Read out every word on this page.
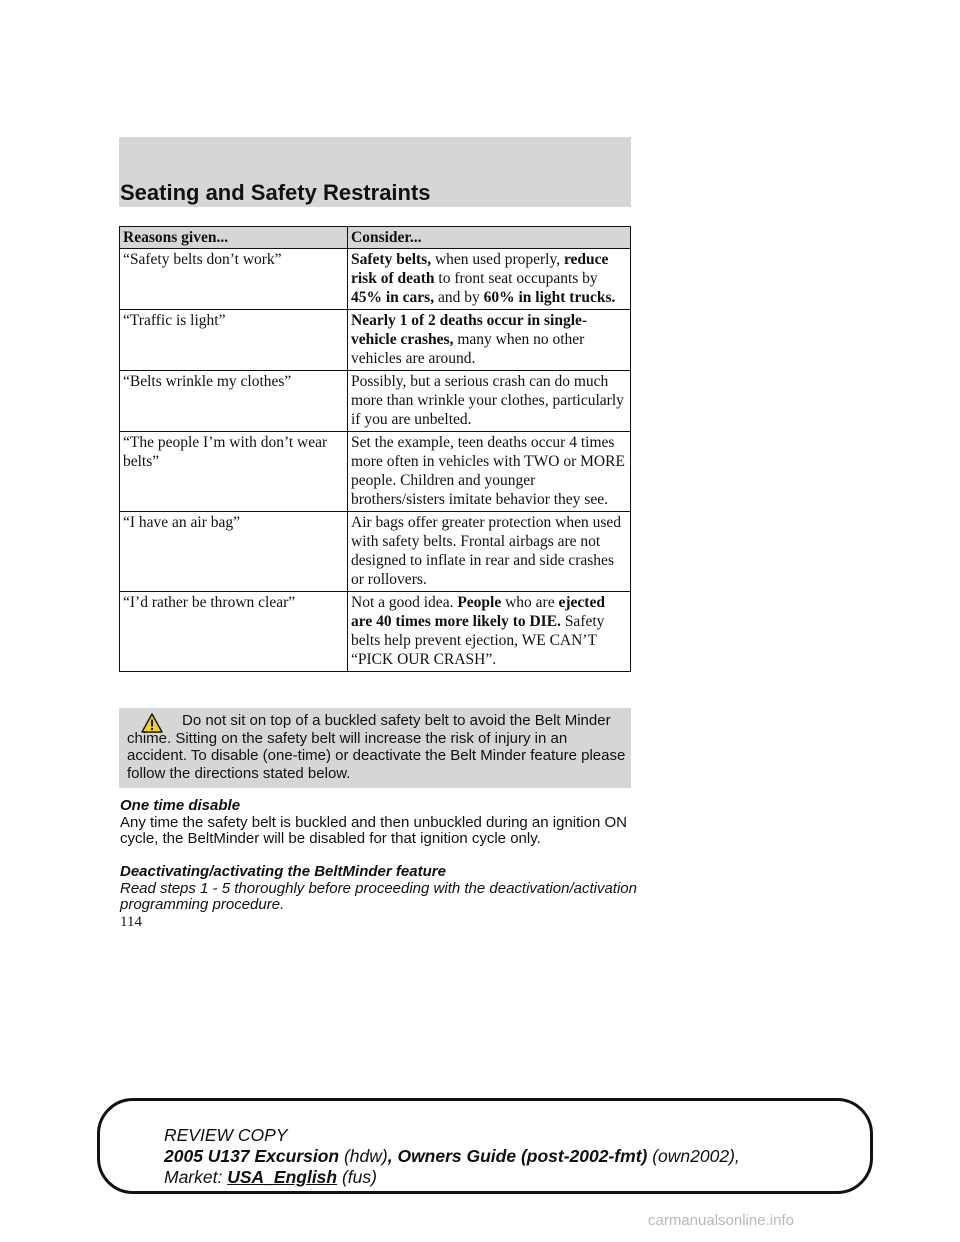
Seating and Safety Restraints
Reasons given...	Consider...
“Safety belts don’t work”	Safety belts, when used properly, reduce risk of death to front seat occupants by 45% in cars, and by 60% in light trucks.
“Traffic is light”	Nearly 1 of 2 deaths occur in single-vehicle crashes, many when no other vehicles are around.
“Belts wrinkle my clothes”	Possibly, but a serious crash can do much more than wrinkle your clothes, particularly if you are unbelted.
“The people I’m with don’t wear belts”	Set the example, teen deaths occur 4 times more often in vehicles with TWO or MORE people. Children and younger brothers/sisters imitate behavior they see.
“I have an air bag”	Air bags offer greater protection when used with safety belts. Frontal airbags are not designed to inflate in rear and side crashes or rollovers.
“I’d rather be thrown clear”	Not a good idea. People who are ejected are 40 times more likely to DIE. Safety belts help prevent ejection, WE CAN’T “PICK OUR CRASH”.
Do not sit on top of a buckled safety belt to avoid the Belt Minder chime. Sitting on the safety belt will increase the risk of injury in an accident. To disable (one-time) or deactivate the Belt Minder feature please follow the directions stated below.
One time disable
Any time the safety belt is buckled and then unbuckled during an ignition ON cycle, the BeltMinder will be disabled for that ignition cycle only.
Deactivating/activating the BeltMinder feature
Read steps 1 - 5 thoroughly before proceeding with the deactivation/activation programming procedure.
114
REVIEW COPY
2005 U137 Excursion (hdw), Owners Guide (post-2002-fmt) (own2002),
Market: USA_English (fus)
carmanualsonline.info
